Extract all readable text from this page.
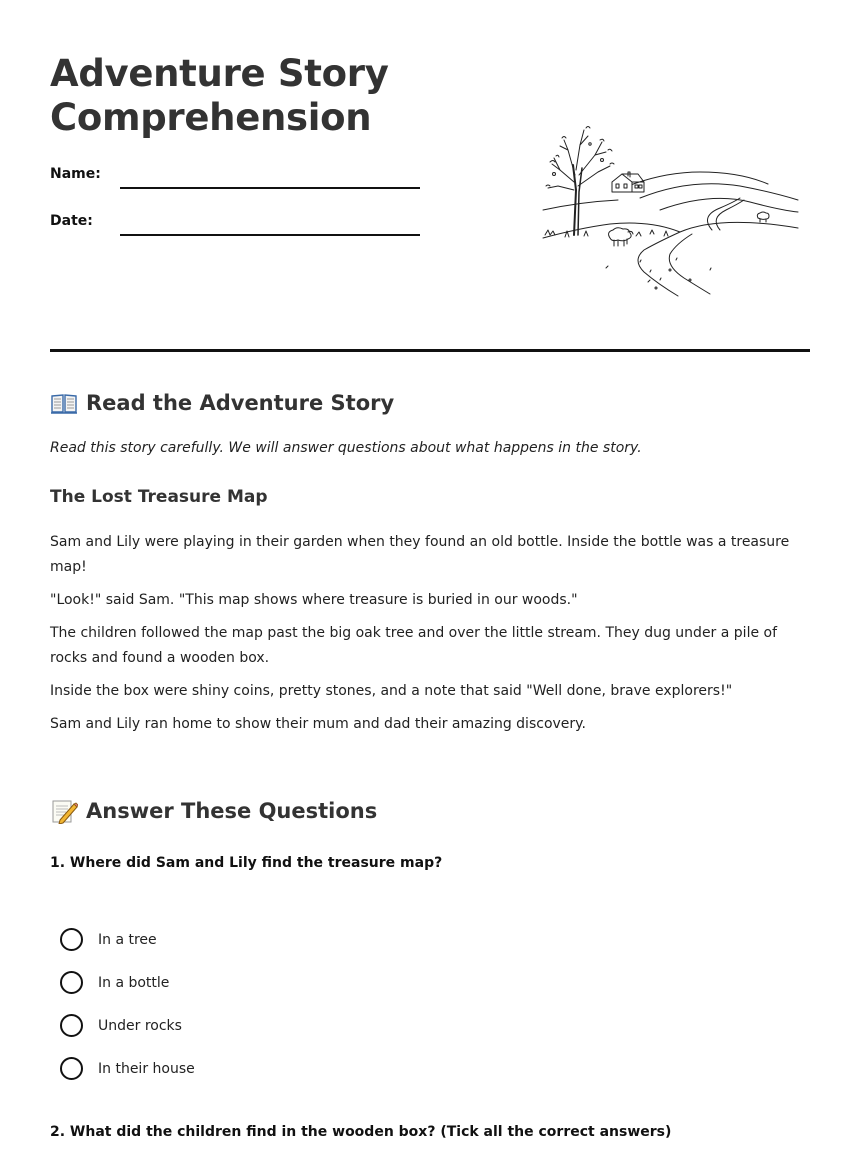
Adventure Story
Comprehension
Name:
Date:
Read the Adventure Story

Read this story carefully. We will answer questions about what happens in the story.

The Lost Treasure Map

Sam and Lily were playing in their garden when they found an old bottle. Inside the bottle was a treasure map!

"Look!" said Sam. "This map shows where treasure is buried in our woods."

The children followed the map past the big oak tree and over the little stream. They dug under a pile of rocks and found a wooden box.

Inside the box were shiny coins, pretty stones, and a note that said "Well done, brave explorers!"

Sam and Lily ran home to show their mum and dad their amazing discovery.

Answer These Questions
1. Where did Sam and Lily find the treasure map?
In a tree
In a bottle
Under rocks
In their house
2. What did the children find in the wooden box? (Tick all the correct answers)
